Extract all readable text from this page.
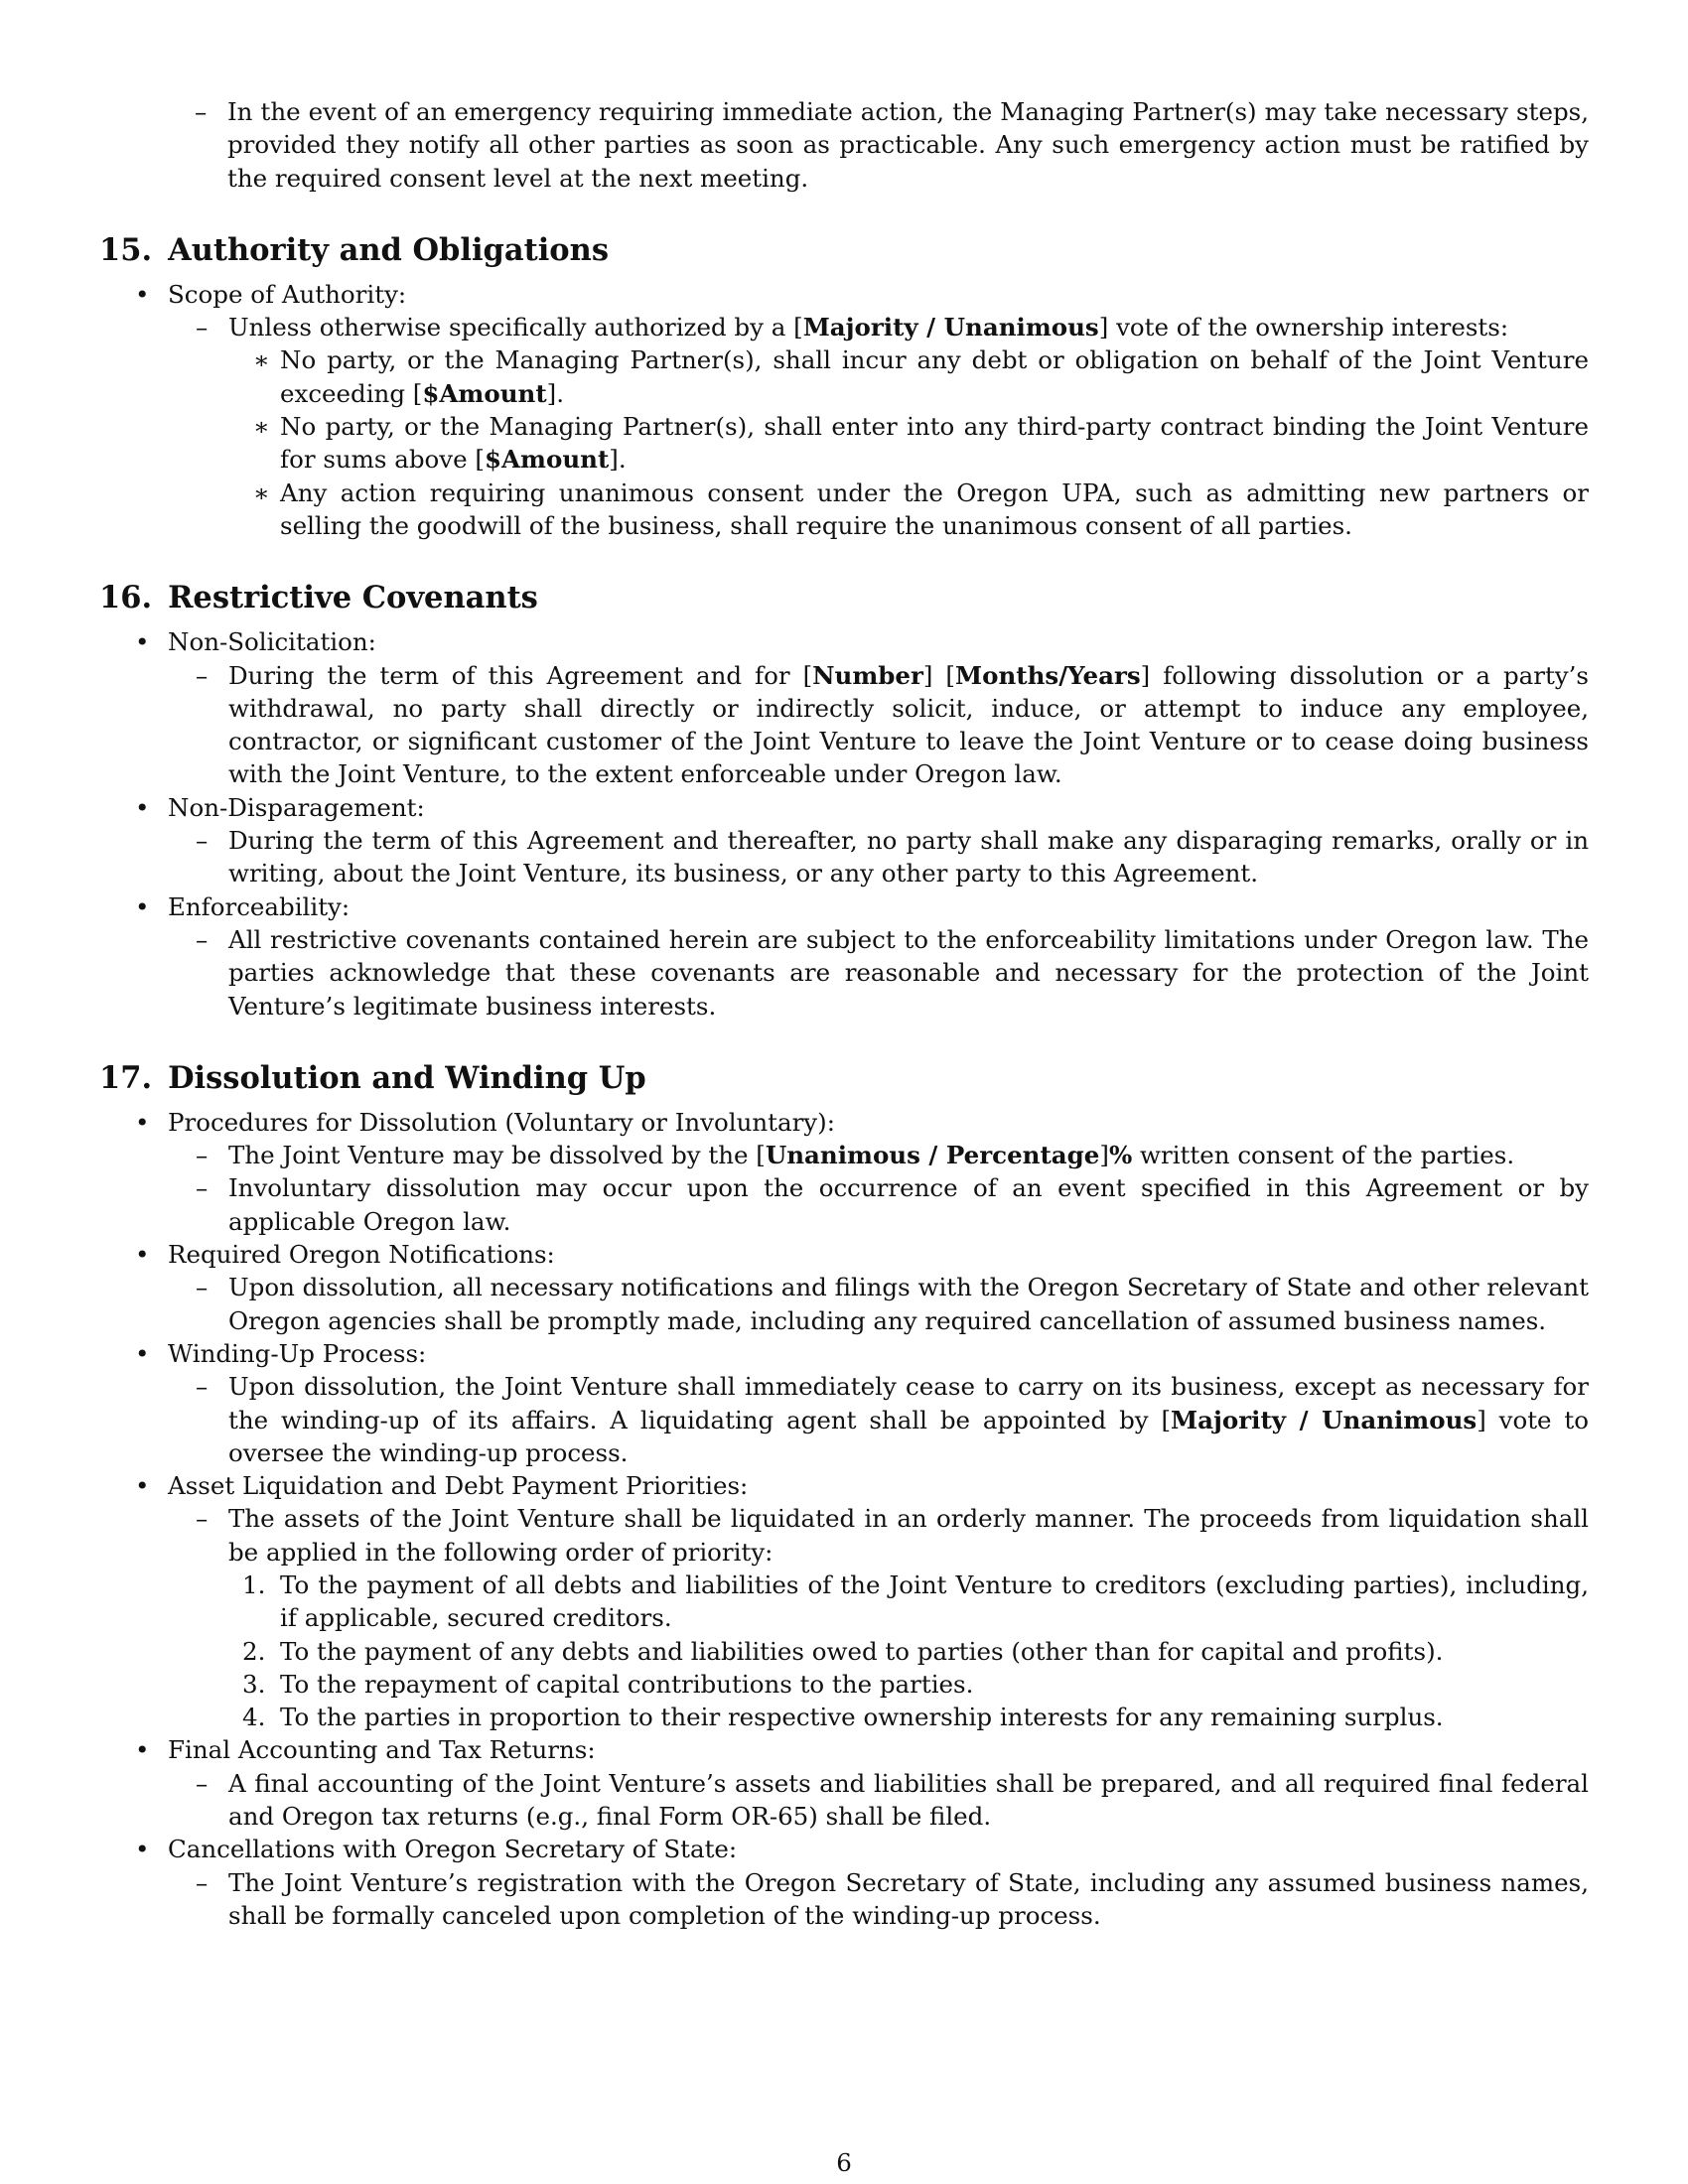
– In the event of an emergency requiring immediate action, the Managing Partner(s) may take necessary steps, provided they notify all other parties as soon as practicable. Any such emergency action must be ratified by the required consent level at the next meeting.
15. Authority and Obligations
• Scope of Authority:
– Unless otherwise specifically authorized by a [Majority / Unanimous] vote of the ownership interests:
∗ No party, or the Managing Partner(s), shall incur any debt or obligation on behalf of the Joint Venture exceeding [$Amount].
∗ No party, or the Managing Partner(s), shall enter into any third-party contract binding the Joint Venture for sums above [$Amount].
∗ Any action requiring unanimous consent under the Oregon UPA, such as admitting new partners or selling the goodwill of the business, shall require the unanimous consent of all parties.
16. Restrictive Covenants
• Non-Solicitation:
– During the term of this Agreement and for [Number] [Months/Years] following dissolution or a party’s withdrawal, no party shall directly or indirectly solicit, induce, or attempt to induce any employee, contractor, or significant customer of the Joint Venture to leave the Joint Venture or to cease doing business with the Joint Venture, to the extent enforceable under Oregon law.
• Non-Disparagement:
– During the term of this Agreement and thereafter, no party shall make any disparaging remarks, orally or in writing, about the Joint Venture, its business, or any other party to this Agreement.
• Enforceability:
– All restrictive covenants contained herein are subject to the enforceability limitations under Oregon law. The parties acknowledge that these covenants are reasonable and necessary for the protection of the Joint Venture’s legitimate business interests.
17. Dissolution and Winding Up
• Procedures for Dissolution (Voluntary or Involuntary):
– The Joint Venture may be dissolved by the [Unanimous / Percentage]% written consent of the parties.
– Involuntary dissolution may occur upon the occurrence of an event specified in this Agreement or by applicable Oregon law.
• Required Oregon Notifications:
– Upon dissolution, all necessary notifications and filings with the Oregon Secretary of State and other relevant Oregon agencies shall be promptly made, including any required cancellation of assumed business names.
• Winding-Up Process:
– Upon dissolution, the Joint Venture shall immediately cease to carry on its business, except as necessary for the winding-up of its affairs. A liquidating agent shall be appointed by [Majority / Unanimous] vote to oversee the winding-up process.
• Asset Liquidation and Debt Payment Priorities:
– The assets of the Joint Venture shall be liquidated in an orderly manner. The proceeds from liquidation shall be applied in the following order of priority:
1. To the payment of all debts and liabilities of the Joint Venture to creditors (excluding parties), including, if applicable, secured creditors.
2. To the payment of any debts and liabilities owed to parties (other than for capital and profits).
3. To the repayment of capital contributions to the parties.
4. To the parties in proportion to their respective ownership interests for any remaining surplus.
• Final Accounting and Tax Returns:
– A final accounting of the Joint Venture’s assets and liabilities shall be prepared, and all required final federal and Oregon tax returns (e.g., final Form OR-65) shall be filed.
• Cancellations with Oregon Secretary of State:
– The Joint Venture’s registration with the Oregon Secretary of State, including any assumed business names, shall be formally canceled upon completion of the winding-up process.
6
